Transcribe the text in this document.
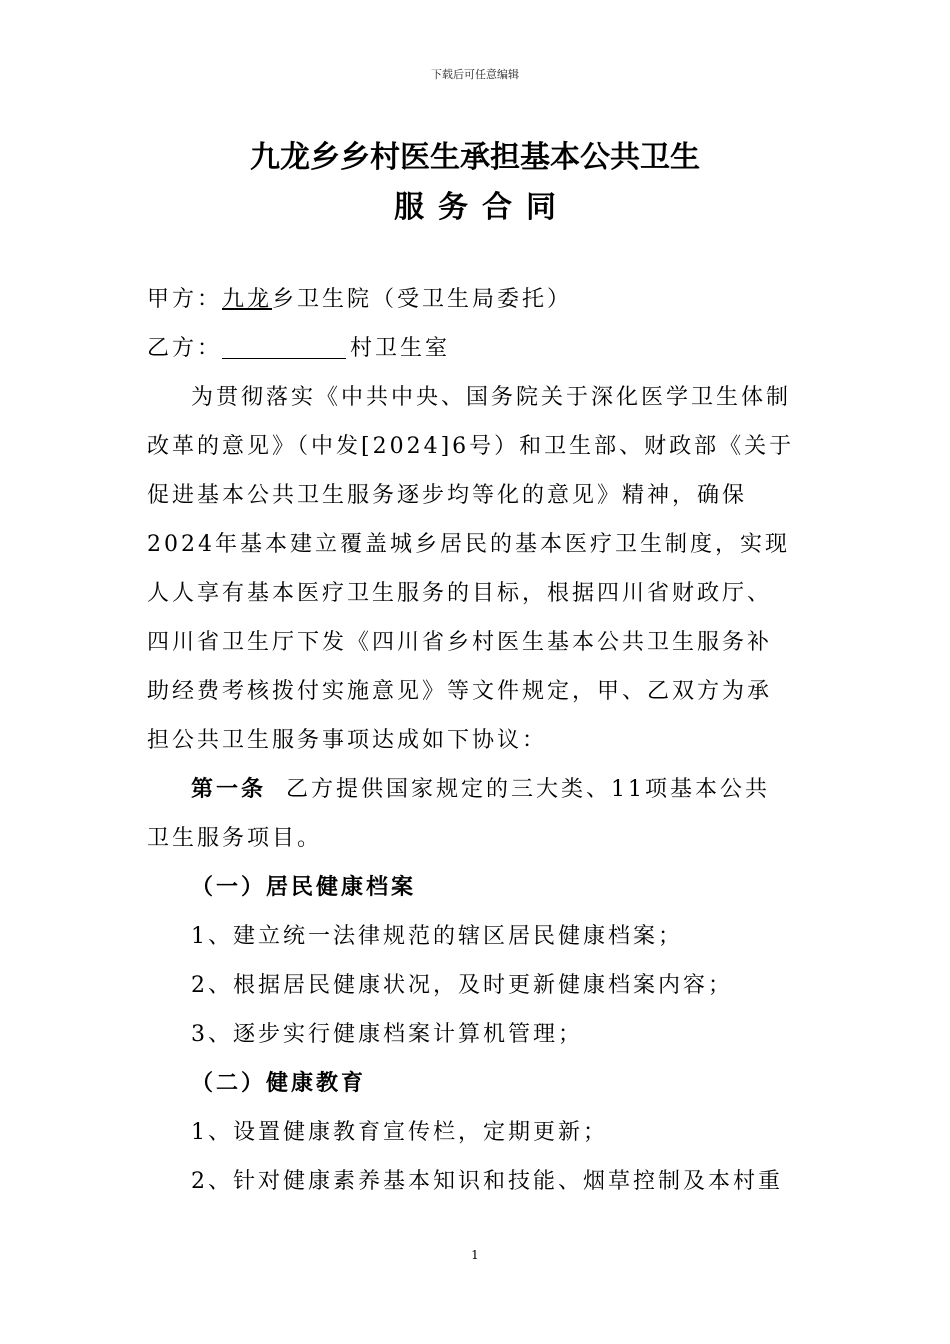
下载后可任意编辑
九龙乡乡村医生承担基本公共卫生
服务合同
甲方：九龙乡卫生院（受卫生局委托）
乙方：	村卫生室
为贯彻落实《中共中央、国务院关于深化医学卫生体制
改革的意见》（中发[2024]6号）和卫生部、财政部《关于
促进基本公共卫生服务逐步均等化的意见》精神，确保
2024年基本建立覆盖城乡居民的基本医疗卫生制度，实现
人人享有基本医疗卫生服务的目标，根据四川省财政厅、
四川省卫生厅下发《四川省乡村医生基本公共卫生服务补
助经费考核拨付实施意见》等文件规定，甲、乙双方为承
担公共卫生服务事项达成如下协议：
第一条 乙方提供国家规定的三大类、11项基本公共
卫生服务项目。
（一）居民健康档案
1、建立统一法律规范的辖区居民健康档案；
2、根据居民健康状况，及时更新健康档案内容；
3、逐步实行健康档案计算机管理；
（二）健康教育
1、设置健康教育宣传栏，定期更新；
2、针对健康素养基本知识和技能、烟草控制及本村重
1
